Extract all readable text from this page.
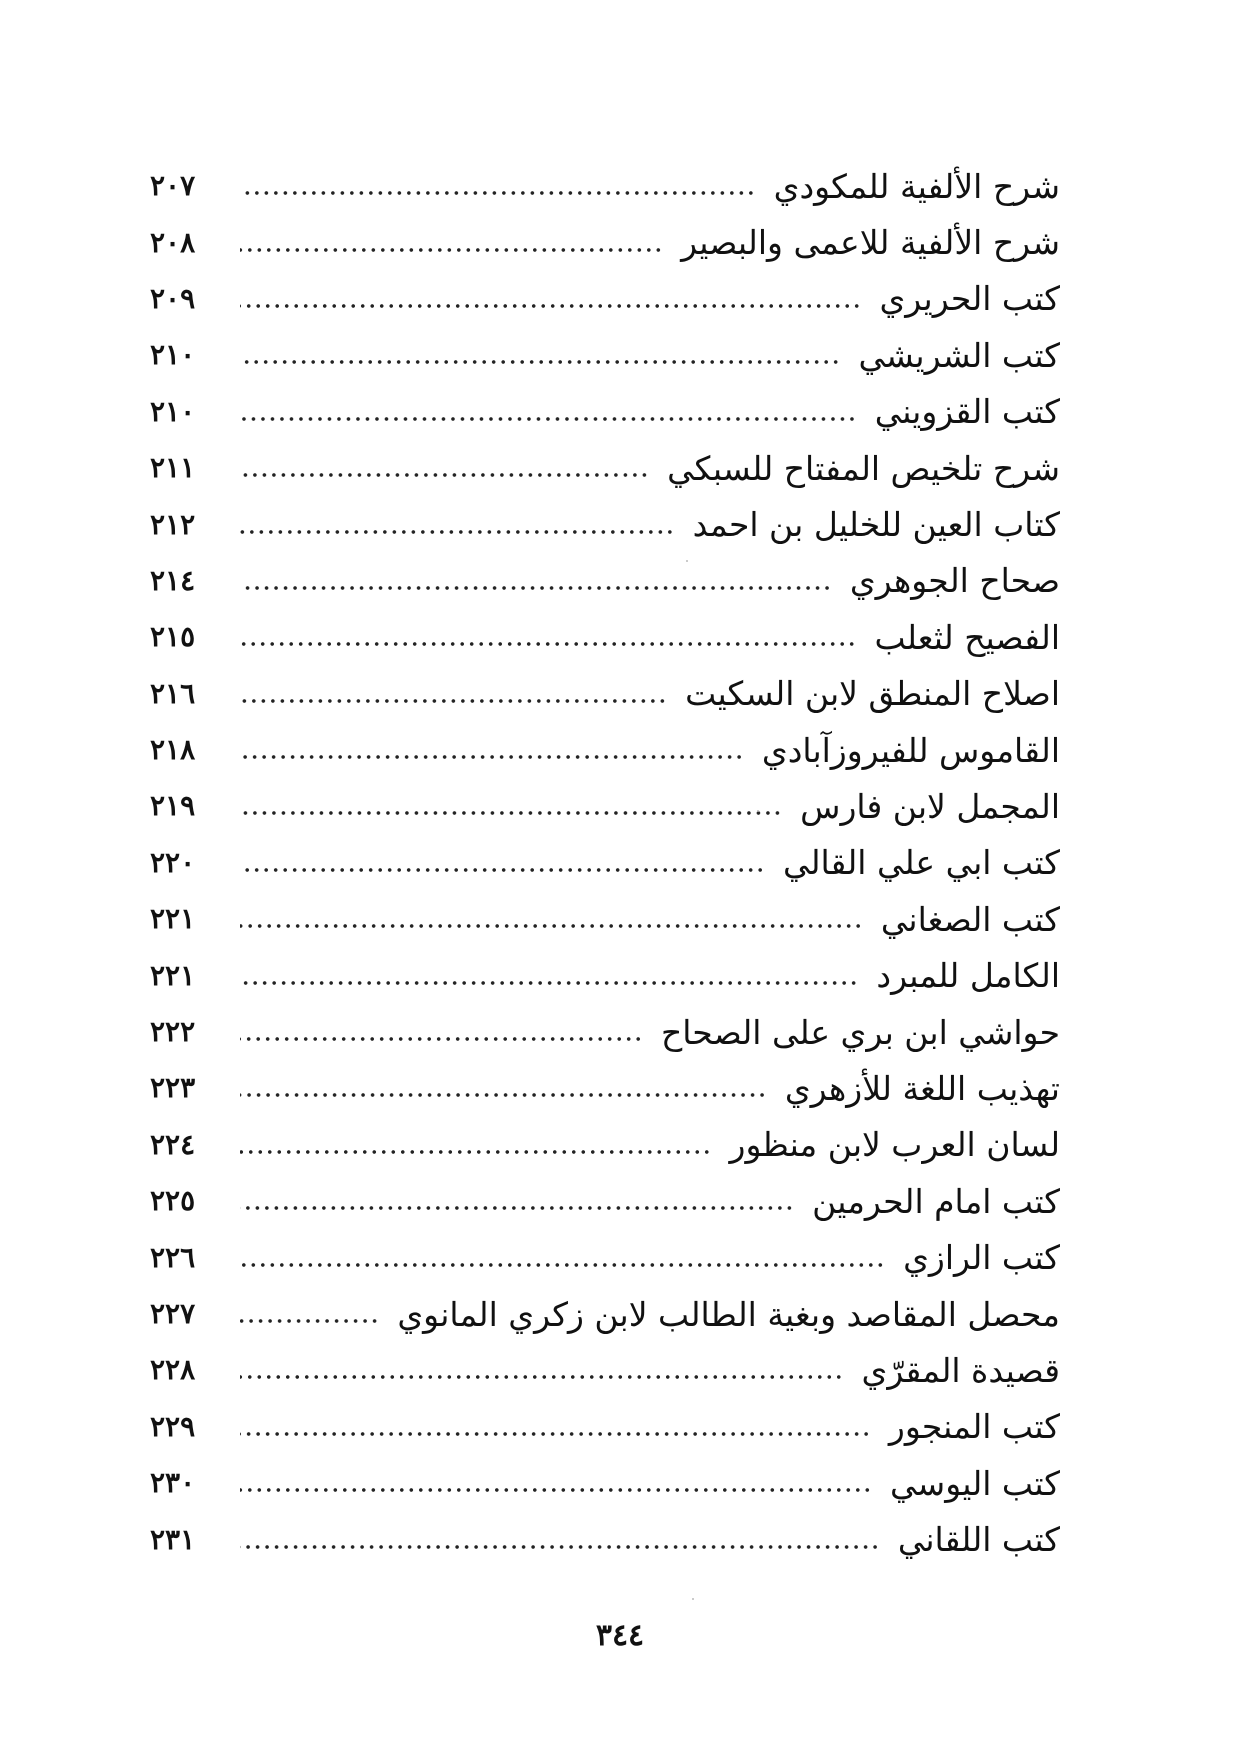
شرح الألفية للمكودي
٢٠٧
شرح الألفية للاعمى والبصير
٢٠٨
كتب الحريري
٢٠٩
كتب الشريشي
٢١٠
كتب القزويني
٢١٠
شرح تلخيص المفتاح للسبكي
٢١١
كتاب العين للخليل بن احمد
٢١٢
صحاح الجوهري
٢١٤
الفصيح لثعلب
٢١٥
اصلاح المنطق لابن السكيت
٢١٦
القاموس للفيروزآبادي
٢١٨
المجمل لابن فارس
٢١٩
كتب ابي علي القالي
٢٢٠
كتب الصغاني
٢٢١
الكامل للمبرد
٢٢١
حواشي ابن بري على الصحاح
٢٢٢
تهذيب اللغة للأزهري
٢٢٣
لسان العرب لابن منظور
٢٢٤
كتب امام الحرمين
٢٢٥
كتب الرازي
٢٢٦
محصل المقاصد وبغية الطالب لابن زكري المانوي
٢٢٧
قصيدة المقرّي
٢٢٨
كتب المنجور
٢٢٩
كتب اليوسي
٢٣٠
كتب اللقاني
٢٣١
٣٤٤
